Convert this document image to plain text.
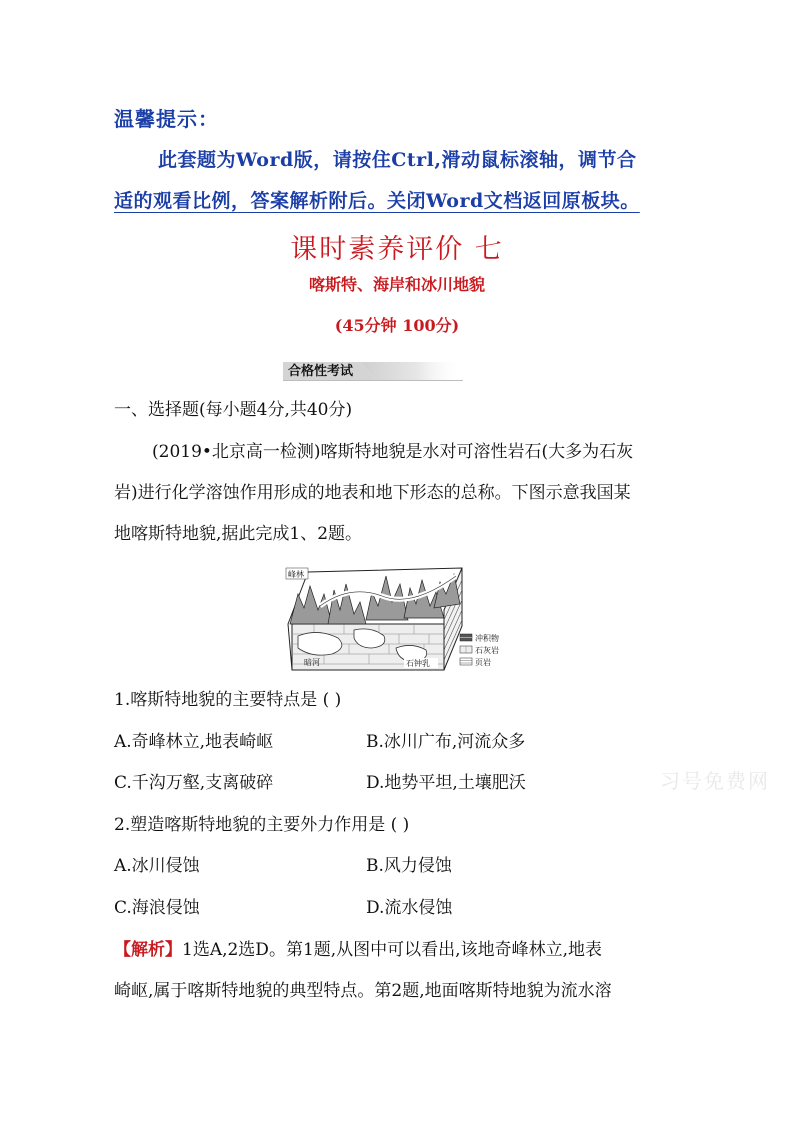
温馨提示：
此套题为Word版，请按住Ctrl,滑动鼠标滚轴，调节合
适的观看比例，答案解析附后。关闭Word文档返回原板块。
课时素养评价 七
喀斯特、海岸和冰川地貌
(45分钟 100分)
合格性考试
一、选择题(每小题4分,共40分)
(2019•北京高一检测)喀斯特地貌是水对可溶性岩石(大多为石灰
岩)进行化学溶蚀作用形成的地表和地下形态的总称。下图示意我国某
地喀斯特地貌,据此完成1、2题。
峰林
暗河	石钟乳
冲积物
石灰岩
页岩
1.喀斯特地貌的主要特点是 ( )
A.奇峰林立,地表崎岖	B.冰川广布,河流众多
C.千沟万壑,支离破碎	D.地势平坦,土壤肥沃	习号免费网
2.塑造喀斯特地貌的主要外力作用是 ( )
A.冰川侵蚀	B.风力侵蚀
C.海浪侵蚀	D.流水侵蚀
【解析】1选A,2选D。第1题,从图中可以看出,该地奇峰林立,地表
崎岖,属于喀斯特地貌的典型特点。第2题,地面喀斯特地貌为流水溶
